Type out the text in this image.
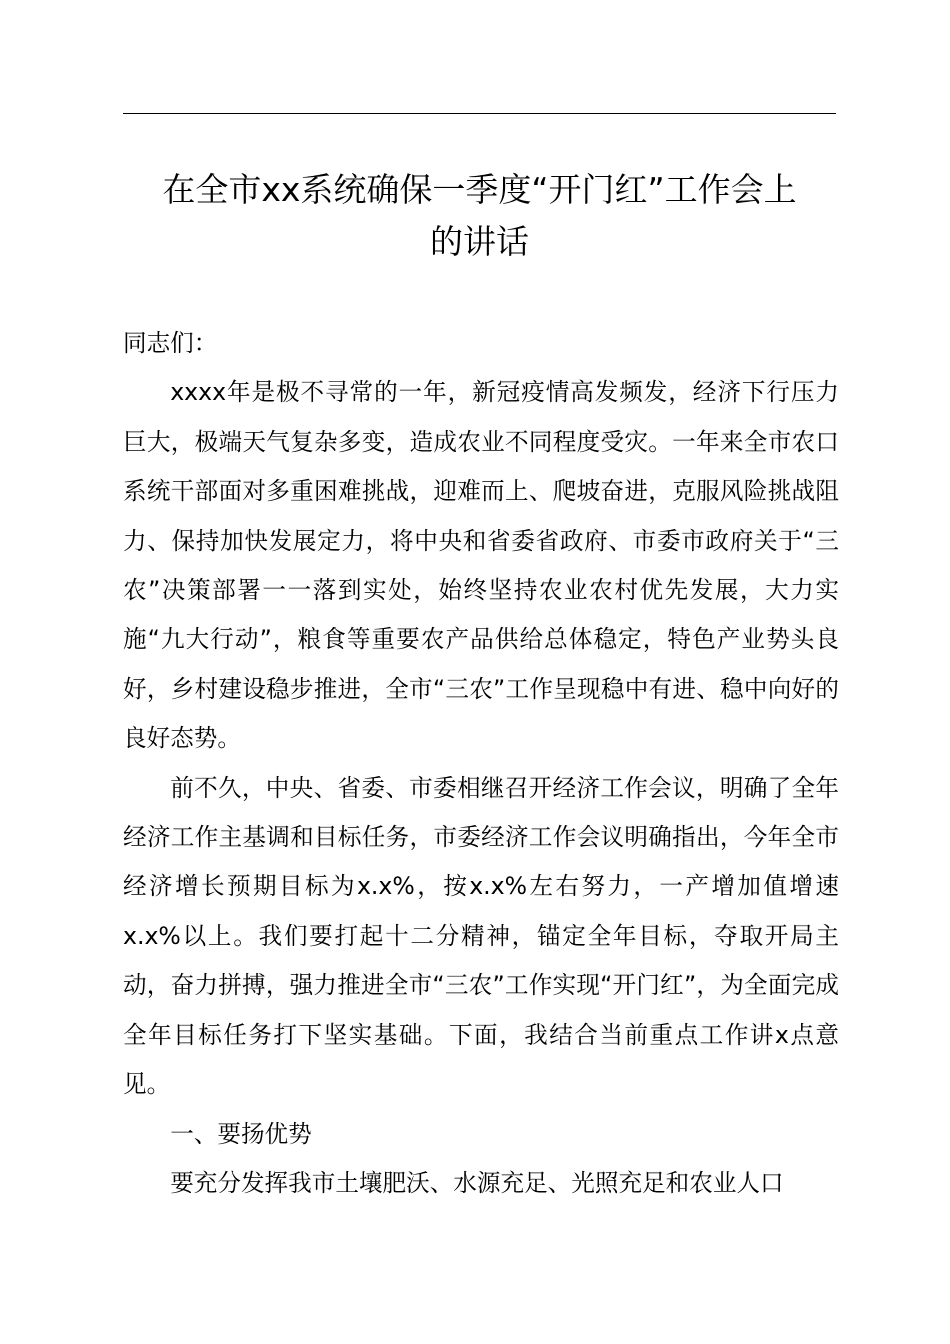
在全市xx系统确保一季度“开门红”工作会上
的讲话

同志们：

xxxx年是极不寻常的一年，新冠疫情高发频发，经济下行压力巨大，极端天气复杂多变，造成农业不同程度受灾。一年来全市农口系统干部面对多重困难挑战，迎难而上、爬坡奋进，克服风险挑战阻力、保持加快发展定力，将中央和省委省政府、市委市政府关于“三农”决策部署一一落到实处，始终坚持农业农村优先发展，大力实施“九大行动”，粮食等重要农产品供给总体稳定，特色产业势头良好，乡村建设稳步推进，全市“三农”工作呈现稳中有进、稳中向好的良好态势。

前不久，中央、省委、市委相继召开经济工作会议，明确了全年经济工作主基调和目标任务，市委经济工作会议明确指出，今年全市经济增长预期目标为x.x%，按x.x%左右努力，一产增加值增速x.x%以上。我们要打起十二分精神，锚定全年目标，夺取开局主动，奋力拼搏，强力推进全市“三农”工作实现“开门红”，为全面完成全年目标任务打下坚实基础。下面，我结合当前重点工作讲x点意见。

一、要扬优势

要充分发挥我市土壤肥沃、水源充足、光照充足和农业人口
